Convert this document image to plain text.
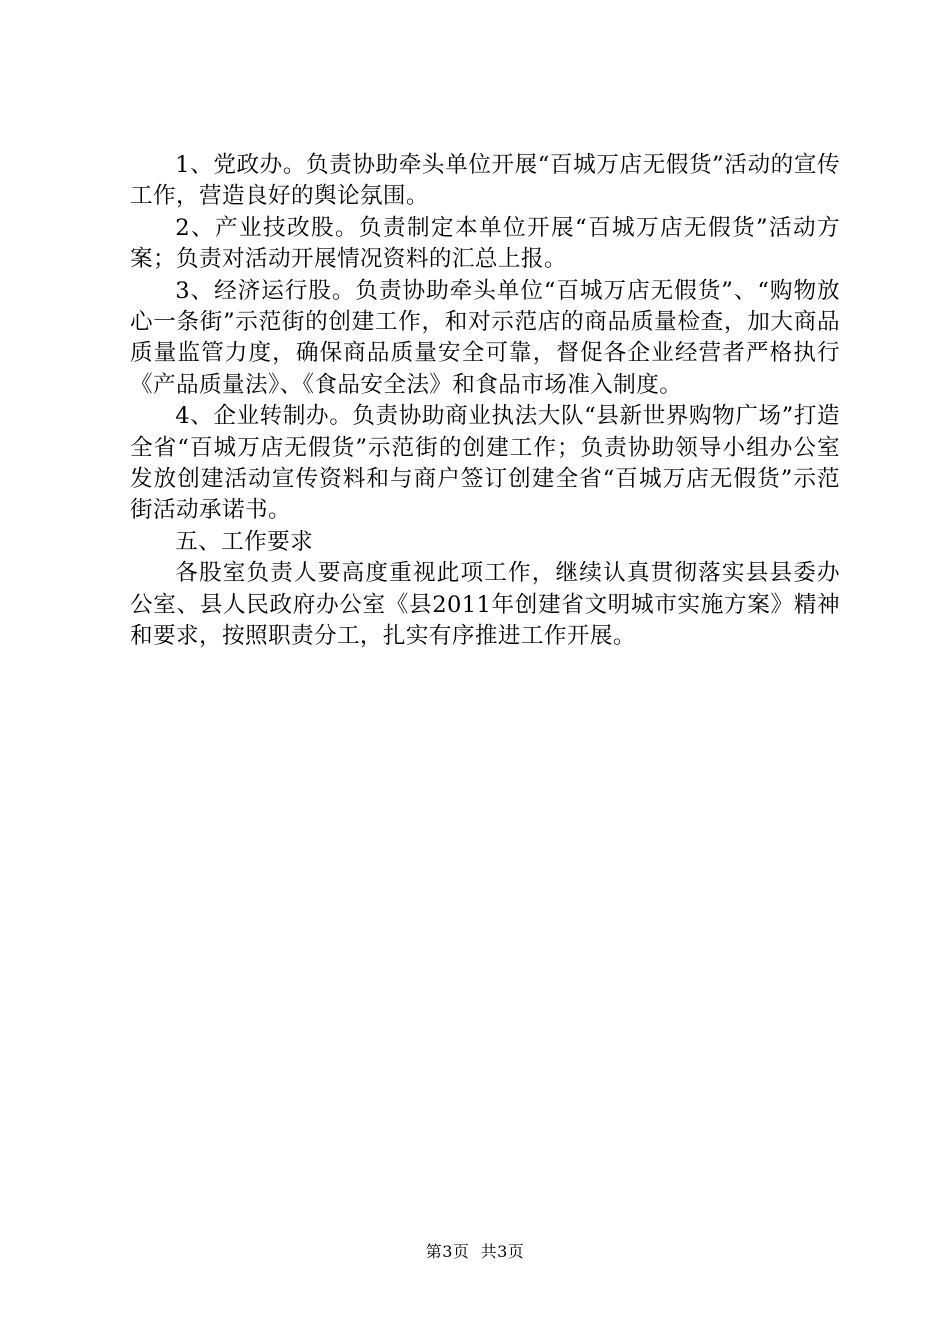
1、党政办。负责协助牵头单位开展“百城万店无假货”活动的宣传工作，营造良好的舆论氛围。

2、产业技改股。负责制定本单位开展“百城万店无假货”活动方案；负责对活动开展情况资料的汇总上报。

3、经济运行股。负责协助牵头单位“百城万店无假货”、“购物放心一条街”示范街的创建工作，和对示范店的商品质量检查，加大商品质量监管力度，确保商品质量安全可靠，督促各企业经营者严格执行《产品质量法》、《食品安全法》和食品市场准入制度。

4、企业转制办。负责协助商业执法大队“县新世界购物广场”打造全省“百城万店无假货”示范街的创建工作；负责协助领导小组办公室发放创建活动宣传资料和与商户签订创建全省“百城万店无假货”示范街活动承诺书。

五、工作要求

各股室负责人要高度重视此项工作，继续认真贯彻落实县县委办公室、县人民政府办公室《县2011年创建省文明城市实施方案》精神和要求，按照职责分工，扎实有序推进工作开展。

第3页  共3页
